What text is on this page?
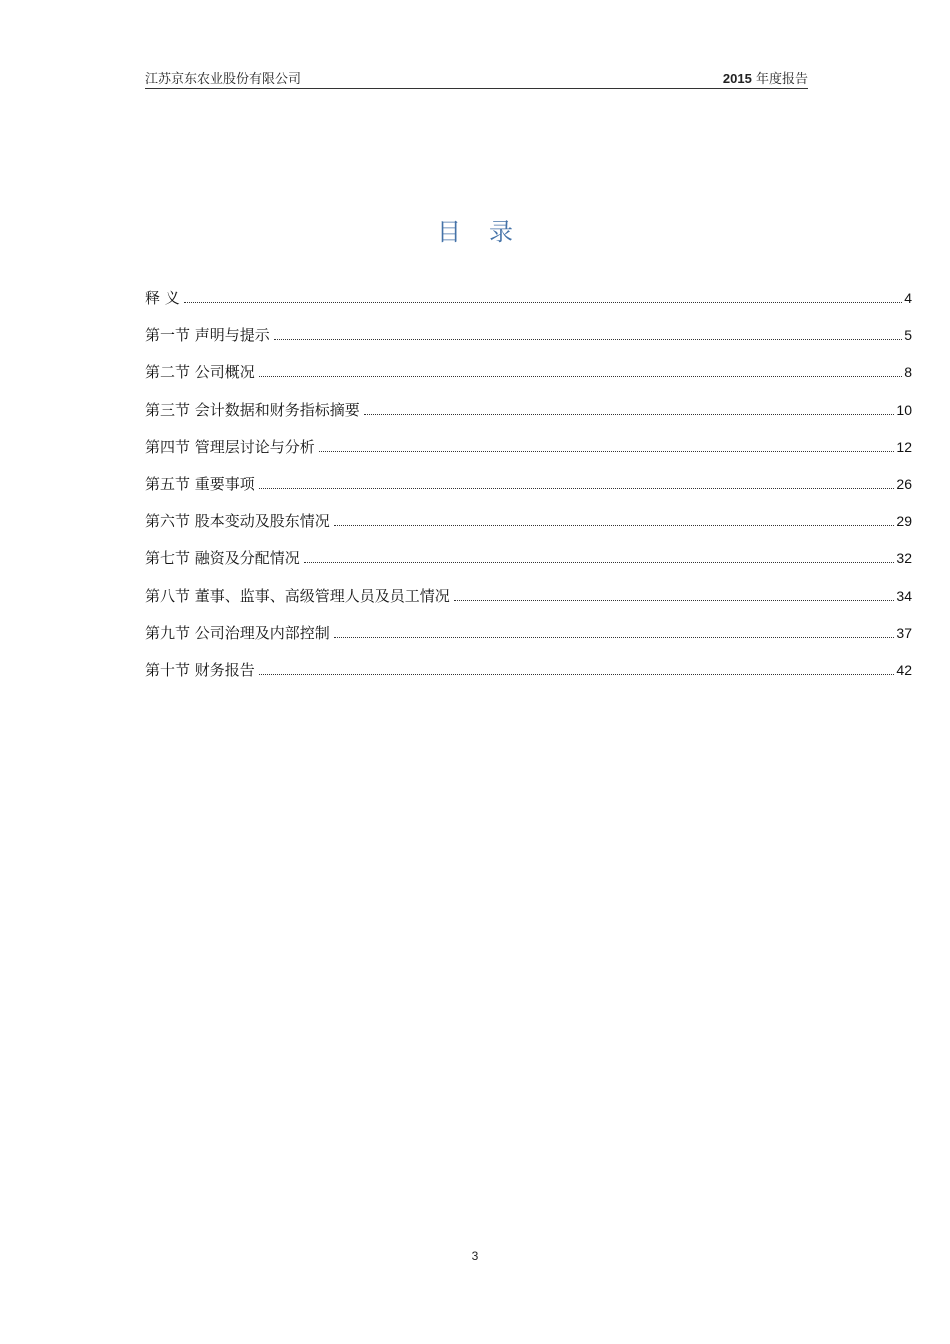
江苏京东农业股份有限公司	2015 年度报告
目录
释 义	4
第一节 声明与提示	5
第二节 公司概况	8
第三节 会计数据和财务指标摘要	10
第四节 管理层讨论与分析	12
第五节 重要事项	26
第六节 股本变动及股东情况	29
第七节 融资及分配情况	32
第八节 董事、监事、高级管理人员及员工情况	34
第九节 公司治理及内部控制	37
第十节 财务报告	42
3
